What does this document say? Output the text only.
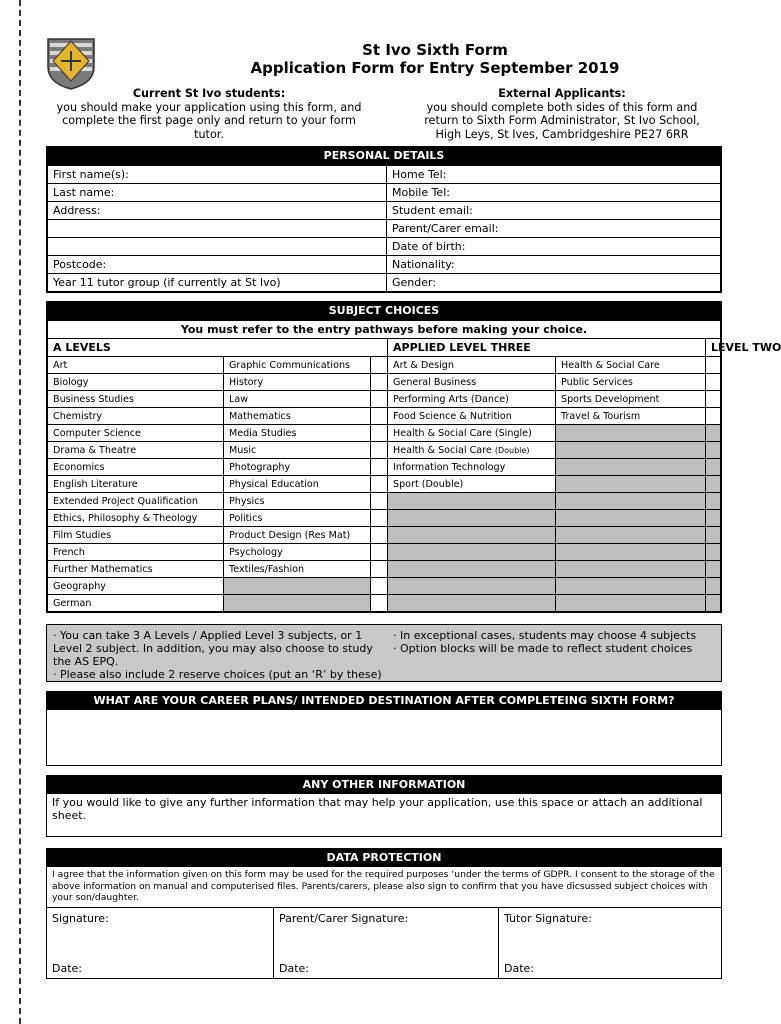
St Ivo Sixth Form
Application Form for Entry September 2019
Current St Ivo students:
you should make your application using this form, and
complete the first page only and return to your form tutor.
External Applicants:
you should complete both sides of this form and
return to Sixth Form Administrator, St Ivo School,
High Leys, St Ives, Cambridgeshire PE27 6RR
PERSONAL DETAILS
First name(s):	Home Tel:
Last name:	Mobile Tel:
Address:	Student email:
	Parent/Carer email:
	Date of birth:
Postcode:	Nationality:
Year 11 tutor group (if currently at St Ivo)	Gender:
SUBJECT CHOICES
You must refer to the entry pathways before making your choice.					
A LEVELS			APPLIED LEVEL THREE		LEVEL TWO
Art	Graphic Communications		Art & Design	Health & Social Care	
Biology	History		General Business	Public Services	
Business Studies	Law		Performing Arts (Dance)	Sports Development	
Chemistry	Mathematics		Food Science & Nutrition	Travel & Tourism	
Computer Science	Media Studies		Health & Social Care (Single)		
Drama & Theatre	Music		Health & Social Care (Double)		
Economics	Photography		Information Technology		
English Literature	Physical Education		Sport (Double)		
Extended Project Qualification	Physics				
Ethics, Philosophy & Theology	Politics				
Film Studies	Product Design (Res Mat)				
French	Psychology				
Further Mathematics	Textiles/Fashion				
Geography					
German					

· You can take 3 A Levels / Applied Level 3 subjects, or 1 Level 2 subject. In addition, you may also choose to study the AS EPQ.

· Please also include 2 reserve choices (put an ‘R’ by these)

· In exceptional cases, students may choose 4 subjects

· Option blocks will be made to reflect student choices

WHAT ARE YOUR CAREER PLANS/ INTENDED DESTINATION AFTER COMPLETEING SIXTH FORM?
ANY OTHER INFORMATION
If you would like to give any further information that may help your application, use this space or attach an additional sheet.
DATA PROTECTION
I agree that the information given on this form may be used for the required purposes ‘under the terms of GDPR. I consent to the storage of the above information on manual and computerised files. Parents/carers, please also sign to confirm that you have dicsussed subject choices with your son/daughter.
Signature:
Date:
Parent/Carer Signature:
Date:
Tutor Signature:
Date:
